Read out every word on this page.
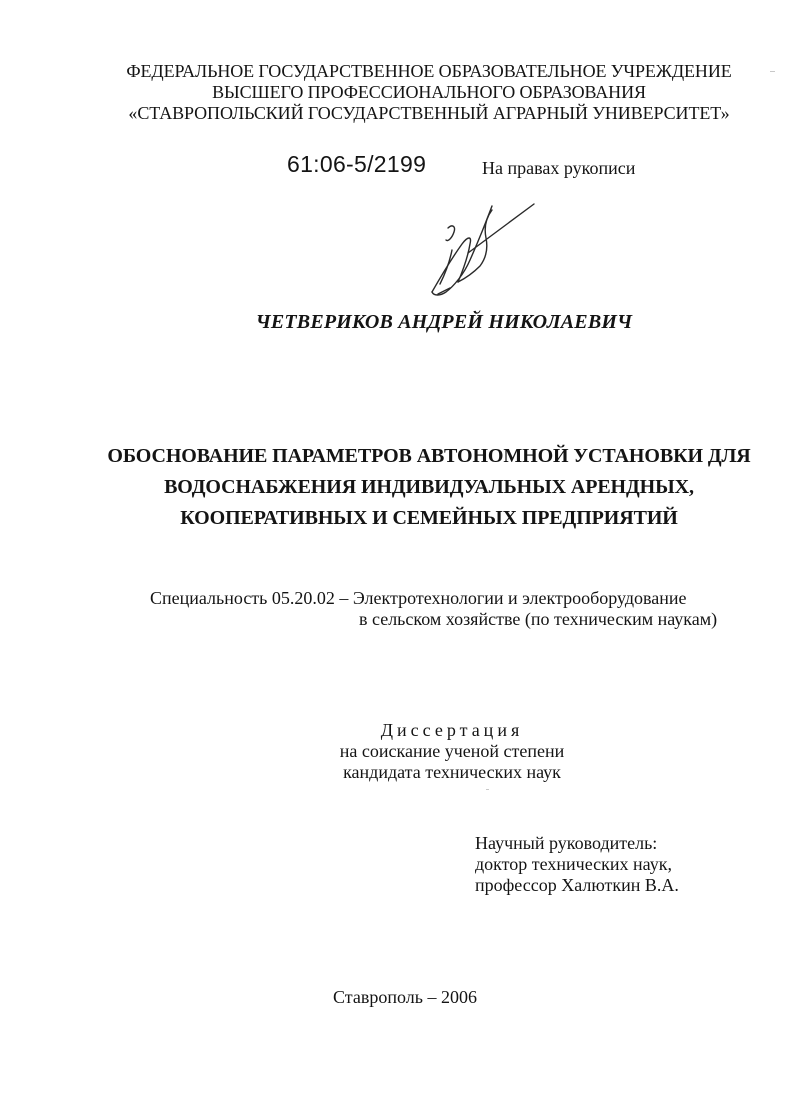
ФЕДЕРАЛЬНОЕ ГОСУДАРСТВЕННОЕ ОБРАЗОВАТЕЛЬНОЕ УЧРЕЖДЕНИЕ
ВЫСШЕГО ПРОФЕССИОНАЛЬНОГО ОБРАЗОВАНИЯ
«СТАВРОПОЛЬСКИЙ ГОСУДАРСТВЕННЫЙ АГРАРНЫЙ УНИВЕРСИТЕТ»
61:06-5/2199	На правах рукописи
ЧЕТВЕРИКОВ АНДРЕЙ НИКОЛАЕВИЧ
ОБОСНОВАНИЕ ПАРАМЕТРОВ АВТОНОМНОЙ УСТАНОВКИ ДЛЯ
ВОДОСНАБЖЕНИЯ ИНДИВИДУАЛЬНЫХ АРЕНДНЫХ,
КООПЕРАТИВНЫХ И СЕМЕЙНЫХ ПРЕДПРИЯТИЙ
Специальность 05.20.02 – Электротехнологии и электрооборудование
в сельском хозяйстве (по техническим наукам)
Диссертация
на соискание ученой степени
кандидата технических наук
Научный руководитель:
доктор технических наук,
профессор Халюткин В.А.
Ставрополь – 2006
